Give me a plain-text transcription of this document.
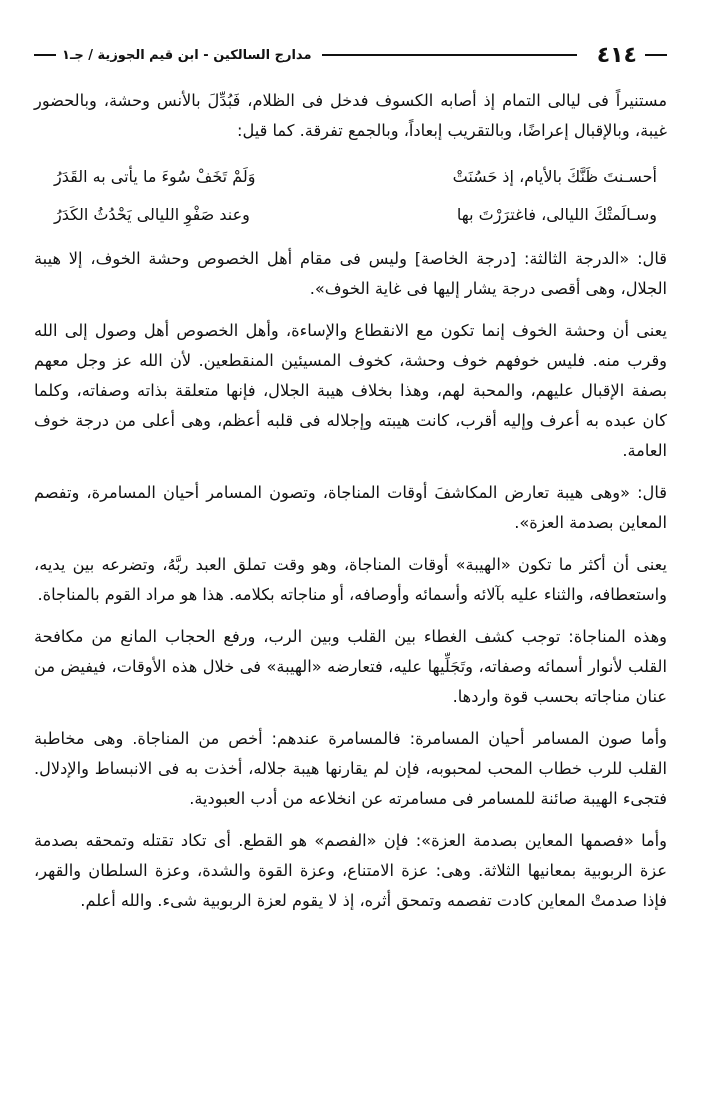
٤١٤
مدارج السالكين - ابن قيم الجوزية / جـ١

مستنيراً فى ليالى التمام إذ أصابه الكسوف فدخل فى الظلام، فَبُدِّلَ بالأنس وحشة، وبالحضور غيبة، وبالإقبال إعراضًا، وبالتقريب إبعاداً، وبالجمع تفرقة. كما قيل:

أحسـنتَ ظَنَّكَ بالأيام، إذ حَسُنَتْ
وَلَمْ تَخَفْ سُوءَ ما يأتى به القَدَرُ
وسـالَمتْكَ الليالى، فاغترَرْتَ بها
وعند صَفْوِ الليالى يَحْدُثُ الكَدَرُ

قال: «الدرجة الثالثة: [درجة الخاصة] وليس فى مقام أهل الخصوص وحشة الخوف، إلا هيبة الجلال، وهى أقصى درجة يشار إليها فى غاية الخوف».

يعنى أن وحشة الخوف إنما تكون مع الانقطاع والإساءة، وأهل الخصوص أهل وصول إلى الله وقرب منه. فليس خوفهم خوف وحشة، كخوف المسيئين المنقطعين. لأن الله عز وجل معهم بصفة الإقبال عليهم، والمحبة لهم، وهذا بخلاف هيبة الجلال، فإنها متعلقة بذاته وصفاته، وكلما كان عبده به أعرف وإليه أقرب، كانت هيبته وإجلاله فى قلبه أعظم، وهى أعلى من درجة خوف العامة.

قال: «وهى هيبة تعارض المكاشفَ أوقات المناجاة، وتصون المسامر أحيان المسامرة، وتفصم المعاين بصدمة العزة».

يعنى أن أكثر ما تكون «الهيبة» أوقات المناجاة، وهو وقت تملق العبد ربَّهُ، وتضرعه بين يديه، واستعطافه، والثناء عليه بآلائه وأسمائه وأوصافه، أو مناجاته بكلامه. هذا هو مراد القوم بالمناجاة.

وهذه المناجاة: توجب كشف الغطاء بين القلب وبين الرب، ورفع الحجاب المانع من مكافحة القلب لأنوار أسمائه وصفاته، وتَجَلِّيها عليه، فتعارضه «الهيبة» فى خلال هذه الأوقات، فيفيض من عنان مناجاته بحسب قوة واردها.

وأما صون المسامر أحيان المسامرة: فالمسامرة عندهم: أخص من المناجاة. وهى مخاطبة القلب للرب خطاب المحب لمحبوبه، فإن لم يقارنها هيبة جلاله، أخذت به فى الانبساط والإدلال. فتجىء الهيبة صائنة للمسامر فى مسامرته عن انخلاعه من أدب العبودية.

وأما «فصمها المعاين بصدمة العزة»: فإن «الفصم» هو القطع. أى تكاد تقتله وتمحقه بصدمة عزة الربوبية بمعانيها الثلاثة. وهى: عزة الامتناع، وعزة القوة والشدة، وعزة السلطان والقهر، فإذا صدمتْ المعاين كادت تفصمه وتمحق أثره، إذ لا يقوم لعزة الربوبية شىء. والله أعلم.
